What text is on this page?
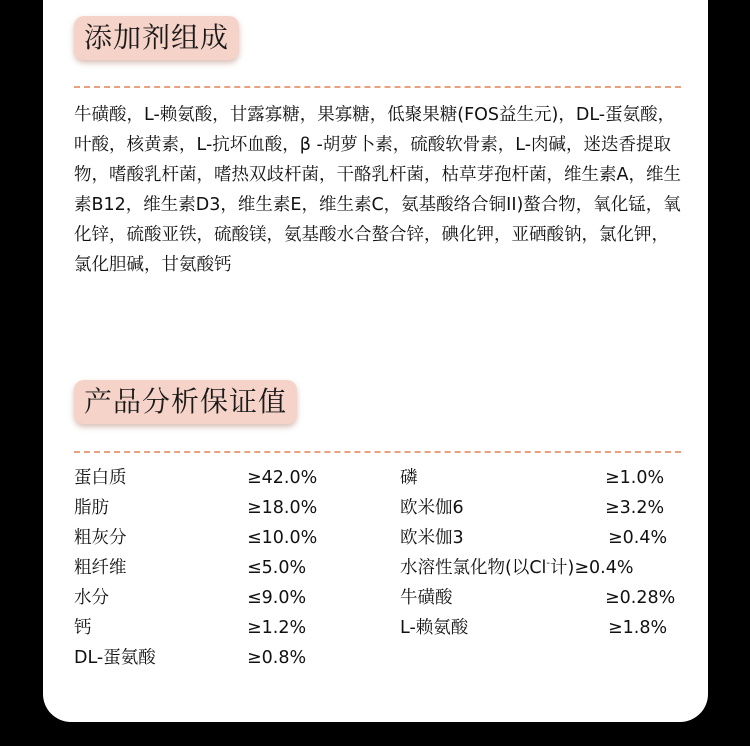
添加剂组成
牛磺酸，L-赖氨酸，甘露寡糖，果寡糖，低聚果糖(FOS益生元)，DL-蛋氨酸，叶酸，核黄素，L-抗坏血酸，β -胡萝卜素，硫酸软骨素，L-肉碱，迷迭香提取物，嗜酸乳杆菌，嗜热双歧杆菌，干酪乳杆菌，枯草芽孢杆菌，维生素A，维生素B12，维生素D3，维生素E，维生素C，氨基酸络合铜II)螯合物，氧化锰，氧化锌，硫酸亚铁，硫酸镁，氨基酸水合螯合锌，碘化钾，亚硒酸钠，氯化钾，氯化胆碱，甘氨酸钙
产品分析保证值
蛋白质	≥42.0%	磷	≥1.0%
脂肪	≥18.0%	欧米伽6	≥3.2%
粗灰分	≤10.0%	欧米伽3	≥0.4%
粗纤维	≤5.0%	水溶性氯化物(以Cl-计)≥0.4%
水分	≤9.0%	牛磺酸	≥0.28%
钙	≥1.2%	L-赖氨酸	≥1.8%
DL-蛋氨酸	≥0.8%
